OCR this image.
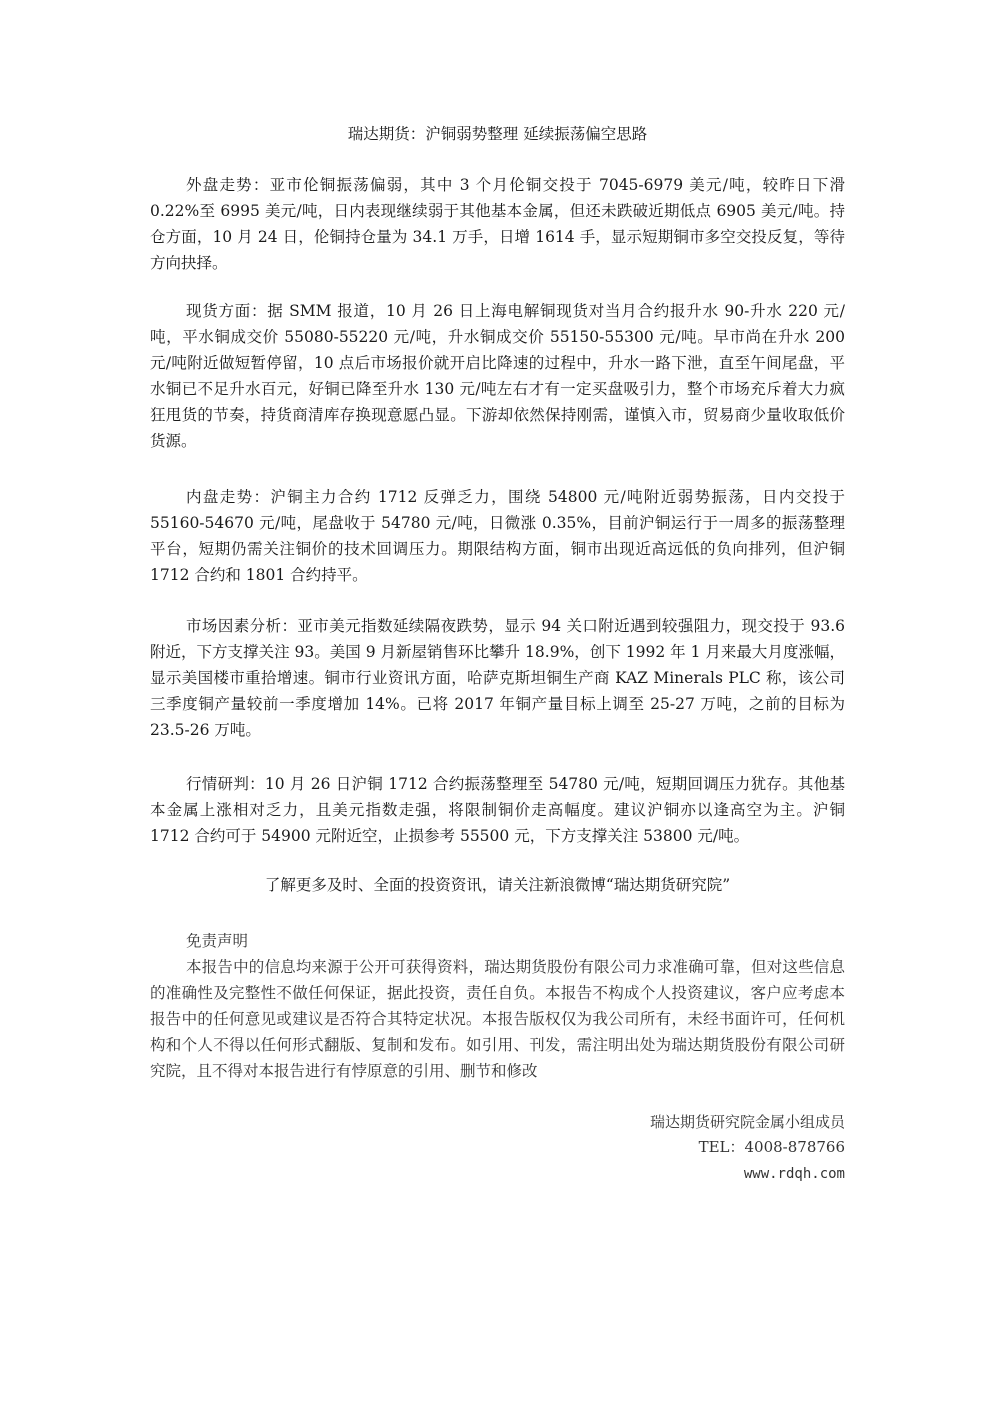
瑞达期货：沪铜弱势整理 延续振荡偏空思路

外盘走势：亚市伦铜振荡偏弱，其中 3 个月伦铜交投于 7045-6979 美元/吨，较昨日下滑 0.22%至 6995 美元/吨，日内表现继续弱于其他基本金属，但还未跌破近期低点 6905 美元/吨。持仓方面，10 月 24 日，伦铜持仓量为 34.1 万手，日增 1614 手，显示短期铜市多空交投反复，等待方向抉择。

现货方面：据 SMM 报道，10 月 26 日上海电解铜现货对当月合约报升水 90-升水 220 元/吨，平水铜成交价 55080-55220 元/吨，升水铜成交价 55150-55300 元/吨。早市尚在升水 200 元/吨附近做短暂停留，10 点后市场报价就开启比降速的过程中，升水一路下泄，直至午间尾盘，平水铜已不足升水百元，好铜已降至升水 130 元/吨左右才有一定买盘吸引力，整个市场充斥着大力疯狂甩货的节奏，持货商清库存换现意愿凸显。下游却依然保持刚需，谨慎入市，贸易商少量收取低价货源。

内盘走势：沪铜主力合约 1712 反弹乏力，围绕 54800 元/吨附近弱势振荡，日内交投于 55160-54670 元/吨，尾盘收于 54780 元/吨，日微涨 0.35%，目前沪铜运行于一周多的振荡整理平台，短期仍需关注铜价的技术回调压力。期限结构方面，铜市出现近高远低的负向排列，但沪铜 1712 合约和 1801 合约持平。

市场因素分析：亚市美元指数延续隔夜跌势，显示 94 关口附近遇到较强阻力，现交投于 93.6 附近，下方支撑关注 93。美国 9 月新屋销售环比攀升 18.9%，创下 1992 年 1 月来最大月度涨幅，显示美国楼市重拾增速。铜市行业资讯方面，哈萨克斯坦铜生产商 KAZ Minerals PLC 称，该公司三季度铜产量较前一季度增加 14%。已将 2017 年铜产量目标上调至 25-27 万吨，之前的目标为 23.5-26 万吨。

行情研判：10 月 26 日沪铜 1712 合约振荡整理至 54780 元/吨，短期回调压力犹存。其他基本金属上涨相对乏力，且美元指数走强，将限制铜价走高幅度。建议沪铜亦以逢高空为主。沪铜 1712 合约可于 54900 元附近空，止损参考 55500 元，下方支撑关注 53800 元/吨。

了解更多及时、全面的投资资讯，请关注新浪微博“瑞达期货研究院”
免责声明

本报告中的信息均来源于公开可获得资料，瑞达期货股份有限公司力求准确可靠，但对这些信息的准确性及完整性不做任何保证，据此投资，责任自负。本报告不构成个人投资建议，客户应考虑本报告中的任何意见或建议是否符合其特定状况。本报告版权仅为我公司所有，未经书面许可，任何机构和个人不得以任何形式翻版、复制和发布。如引用、刊发，需注明出处为瑞达期货股份有限公司研究院，且不得对本报告进行有悖原意的引用、删节和修改

瑞达期货研究院金属小组成员
TEL：4008-878766
www.rdqh.com
